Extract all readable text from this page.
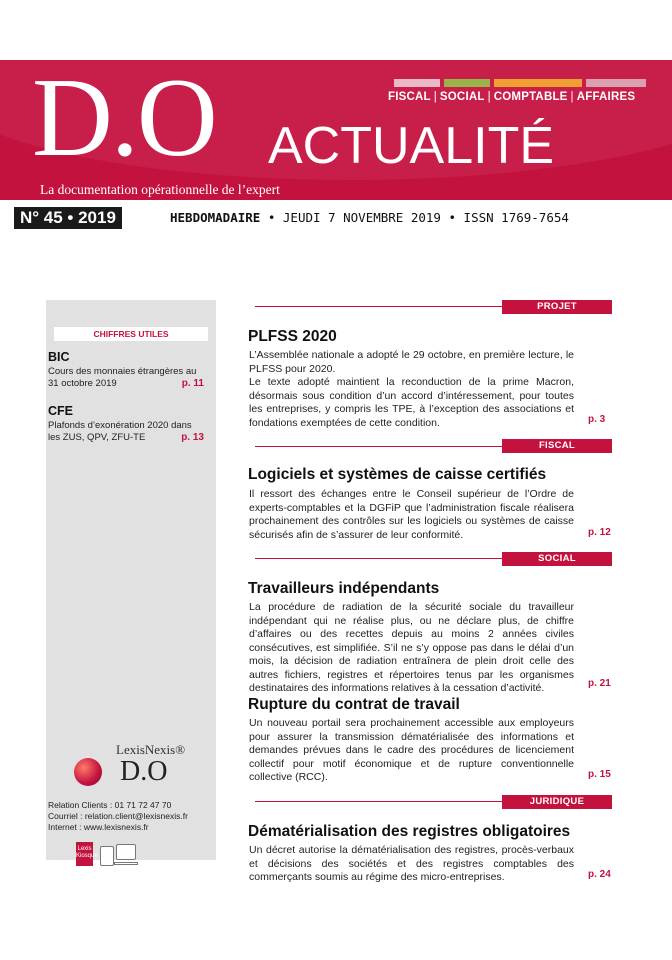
FISCAL | SOCIAL | COMPTABLE | AFFAIRES
D.O ACTUALITÉ
La documentation opérationnelle de l’expert
N° 45 • 2019	HEBDOMADAIRE • JEUDI 7 NOVEMBRE 2019 • ISSN 1769-7654
CHIFFRES UTILES
BIC
Cours des monnaies étrangères au 31 octobre 2019	p. 11
CFE
Plafonds d’exonération 2020 dans les ZUS, QPV, ZFU-TE	p. 13
LexisNexis®
D.O
Relation Clients : 01 71 72 47 70
Courriel : relation.client@lexisnexis.fr
Internet : www.lexisnexis.fr
Lexis Kiosque
PROJET
PLFSS 2020
L’Assemblée nationale a adopté le 29 octobre, en première lecture, le PLFSS pour 2020.
Le texte adopté maintient la reconduction de la prime Macron, désormais sous condition d’un accord d’intéressement, pour toutes les entreprises, y compris les TPE, à l’exception des associations et fondations exemptées de cette condition.	p. 3
FISCAL
Logiciels et systèmes de caisse certifiés
Il ressort des échanges entre le Conseil supérieur de l’Ordre de experts-comptables et la DGFiP que l’administration fiscale réalisera prochainement des contrôles sur les logiciels ou systèmes de caisse sécurisés afin de s’assurer de leur conformité.	p. 12
SOCIAL
Travailleurs indépendants
La procédure de radiation de la sécurité sociale du travailleur indépendant qui ne réalise plus, ou ne déclare plus, de chiffre d’affaires ou des recettes depuis au moins 2 années civiles consécutives, est simplifiée. S’il ne s’y oppose pas dans le délai d’un mois, la décision de radiation entraînera de plein droit celle des autres fichiers, registres et répertoires tenus par les organismes destinataires des informations relatives à la cessation d’activité.	p. 21
Rupture du contrat de travail
Un nouveau portail sera prochainement accessible aux employeurs pour assurer la transmission dématérialisée des informations et demandes prévues dans le cadre des procédures de licenciement collectif pour motif économique et de rupture conventionnelle collective (RCC).	p. 15
JURIDIQUE
Dématérialisation des registres obligatoires
Un décret autorise la dématérialisation des registres, procès-verbaux et décisions des sociétés et des registres comptables des commerçants soumis au régime des micro-entreprises.	p. 24
